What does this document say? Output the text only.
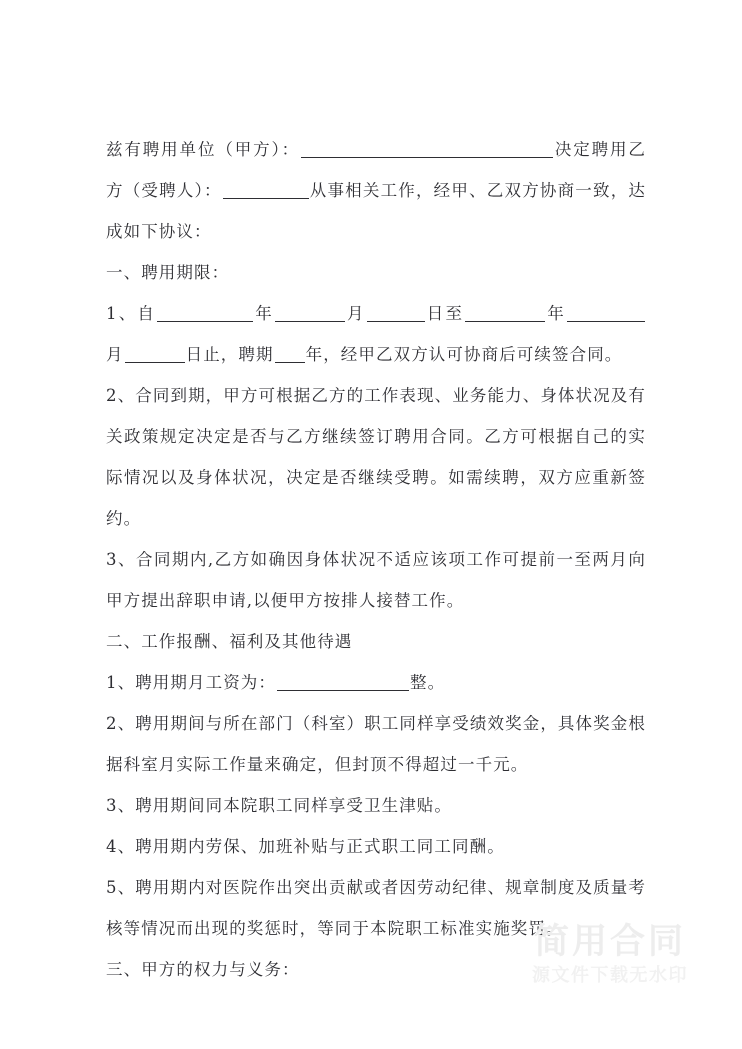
兹有聘用单位（甲方）：	决定聘用乙方（受聘人）：	从事相关工作，经甲、乙双方协商一致，达成如下协议：

一、聘用期限：

1、自	年	月	日至	年月	日止，聘期 年，经甲乙双方认可协商后可续签合同。

2、合同到期，甲方可根据乙方的工作表现、业务能力、身体状况及有关政策规定决定是否与乙方继续签订聘用合同。乙方可根据自己的实际情况以及身体状况，决定是否继续受聘。如需续聘，双方应重新签约。

3、合同期内,乙方如确因身体状况不适应该项工作可提前一至两月向甲方提出辞职申请,以便甲方按排人接替工作。

二、工作报酬、福利及其他待遇

1、聘用期月工资为：	整。

2、聘用期间与所在部门（科室）职工同样享受绩效奖金，具体奖金根据科室月实际工作量来确定，但封顶不得超过一千元。

3、聘用期间同本院职工同样享受卫生津贴。

4、聘用期内劳保、加班补贴与正式职工同工同酬。

5、聘用期内对医院作出突出贡献或者因劳动纪律、规章制度及质量考核等情况而出现的奖惩时，等同于本院职工标准实施奖罚。

三、甲方的权力与义务：

简用合同
源文件下载无水印
